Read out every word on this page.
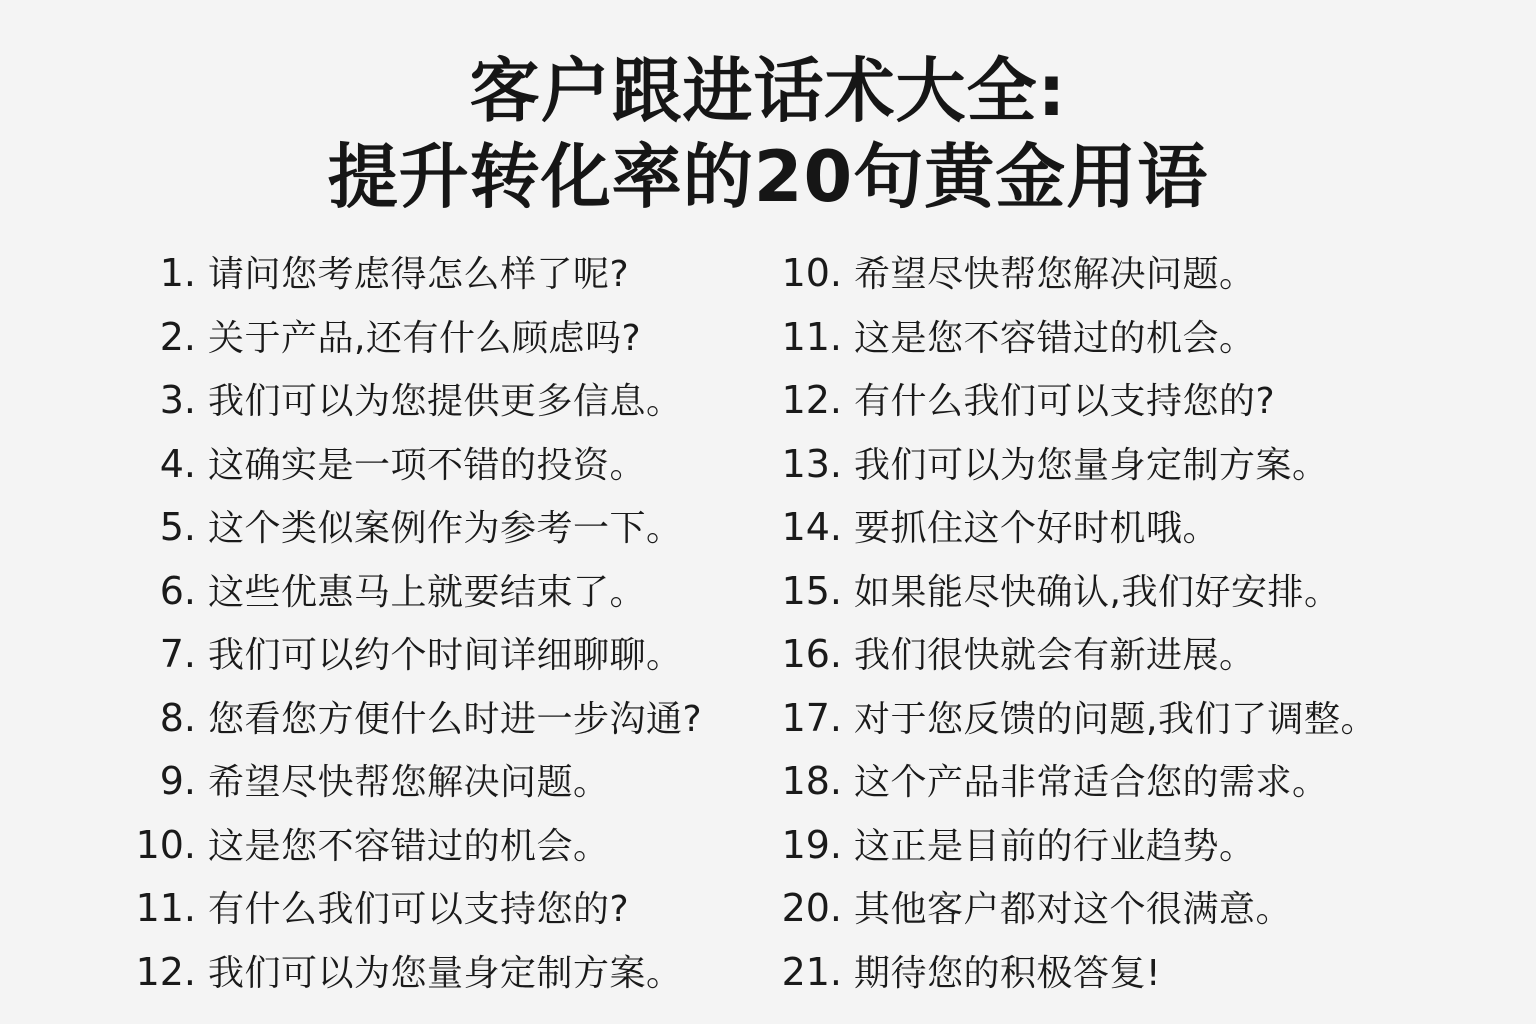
客户跟进话术大全:
提升转化率的20句黄金用语
1. 请问您考虑得怎么样了呢?
2. 关于产品,还有什么顾虑吗?
3. 我们可以为您提供更多信息。
4. 这确实是一项不错的投资。
5. 这个类似案例作为参考一下。
6. 这些优惠马上就要结束了。
7. 我们可以约个时间详细聊聊。
8. 您看您方便什么时进一步沟通?
9. 希望尽快帮您解决问题。
10. 这是您不容错过的机会。
11. 有什么我们可以支持您的?
12. 我们可以为您量身定制方案。
10. 希望尽快帮您解决问题。
11. 这是您不容错过的机会。
12. 有什么我们可以支持您的?
13. 我们可以为您量身定制方案。
14. 要抓住这个好时机哦。
15. 如果能尽快确认,我们好安排。
16. 我们很快就会有新进展。
17. 对于您反馈的问题,我们了调整。
18. 这个产品非常适合您的需求。
19. 这正是目前的行业趋势。
20. 其他客户都对这个很满意。
21. 期待您的积极答复!
